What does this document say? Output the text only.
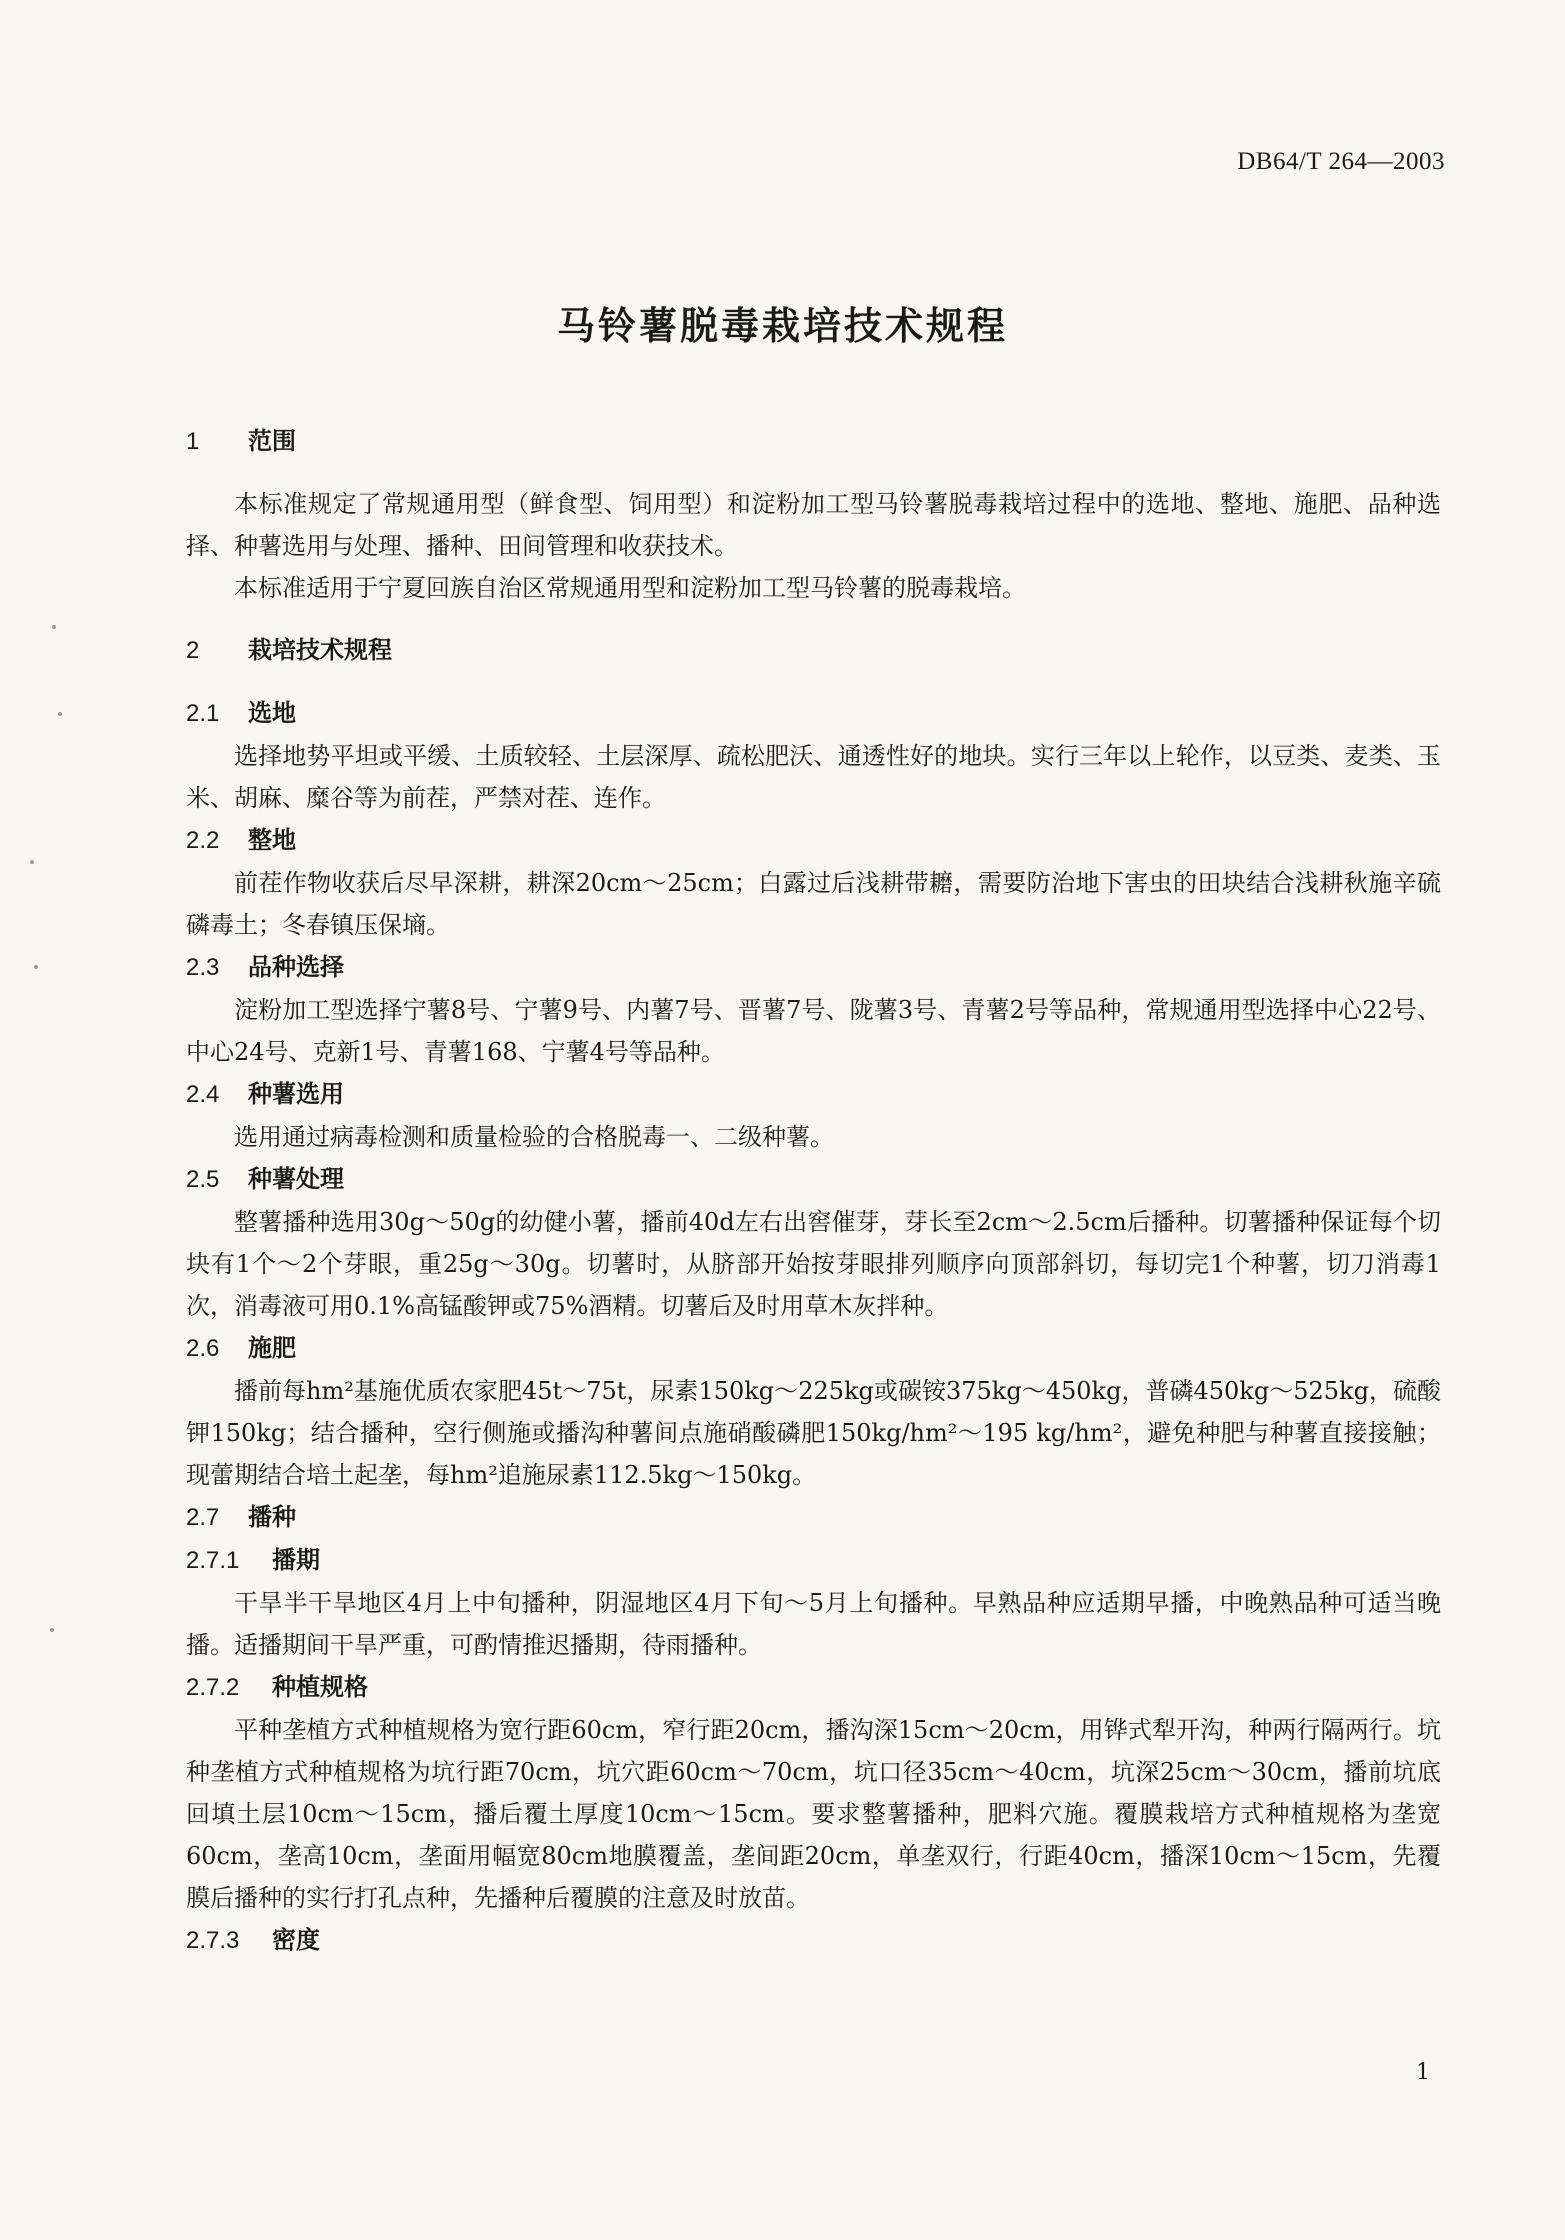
DB64/T 264—2003
马铃薯脱毒栽培技术规程
1 范围

本标准规定了常规通用型（鲜食型、饲用型）和淀粉加工型马铃薯脱毒栽培过程中的选地、整地、施肥、品种选择、种薯选用与处理、播种、田间管理和收获技术。

本标准适用于宁夏回族自治区常规通用型和淀粉加工型马铃薯的脱毒栽培。

2 栽培技术规程
2.1 选地

选择地势平坦或平缓、土质较轻、土层深厚、疏松肥沃、通透性好的地块。实行三年以上轮作，以豆类、麦类、玉米、胡麻、糜谷等为前茬，严禁对茬、连作。

2.2 整地

前茬作物收获后尽早深耕，耕深20cm～25cm；白露过后浅耕带耱，需要防治地下害虫的田块结合浅耕秋施辛硫磷毒土；冬春镇压保墒。

2.3 品种选择

淀粉加工型选择宁薯8号、宁薯9号、内薯7号、晋薯7号、陇薯3号、青薯2号等品种，常规通用型选择中心22号、中心24号、克新1号、青薯168、宁薯4号等品种。

2.4 种薯选用

选用通过病毒检测和质量检验的合格脱毒一、二级种薯。

2.5 种薯处理

整薯播种选用30g～50g的幼健小薯，播前40d左右出窖催芽，芽长至2cm～2.5cm后播种。切薯播种保证每个切块有1个～2个芽眼，重25g～30g。切薯时，从脐部开始按芽眼排列顺序向顶部斜切，每切完1个种薯，切刀消毒1次，消毒液可用0.1%高锰酸钾或75%酒精。切薯后及时用草木灰拌种。

2.6 施肥

播前每hm²基施优质农家肥45t～75t，尿素150kg～225kg或碳铵375kg～450kg，普磷450kg～525kg，硫酸钾150kg；结合播种，空行侧施或播沟种薯间点施硝酸磷肥150kg/hm²～195 kg/hm²，避免种肥与种薯直接接触；现蕾期结合培土起垄，每hm²追施尿素112.5kg～150kg。

2.7 播种
2.7.1 播期

干旱半干旱地区4月上中旬播种，阴湿地区4月下旬～5月上旬播种。早熟品种应适期早播，中晚熟品种可适当晚播。适播期间干旱严重，可酌情推迟播期，待雨播种。

2.7.2 种植规格

平种垄植方式种植规格为宽行距60cm，窄行距20cm，播沟深15cm～20cm，用铧式犁开沟，种两行隔两行。坑种垄植方式种植规格为坑行距70cm，坑穴距60cm～70cm，坑口径35cm～40cm，坑深25cm～30cm，播前坑底回填土层10cm～15cm，播后覆土厚度10cm～15cm。要求整薯播种，肥料穴施。覆膜栽培方式种植规格为垄宽60cm，垄高10cm，垄面用幅宽80cm地膜覆盖，垄间距20cm，单垄双行，行距40cm，播深10cm～15cm，先覆膜后播种的实行打孔点种，先播种后覆膜的注意及时放苗。

2.7.3 密度
1
